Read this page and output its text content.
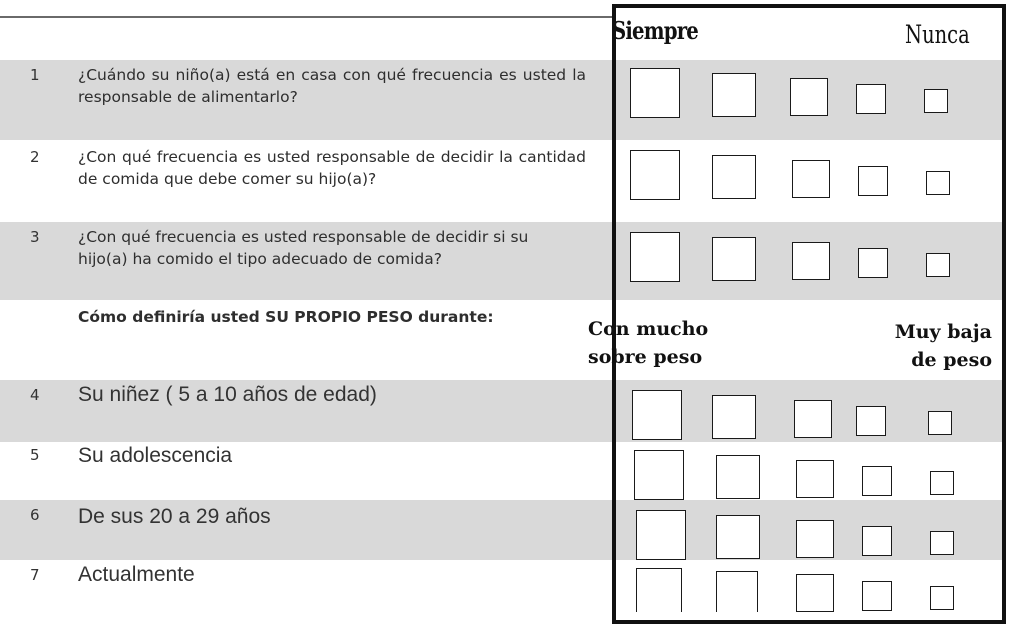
1 ¿Cuándo su niño(a) está en casa con qué frecuencia es usted la responsable de alimentarlo?
2 ¿Con qué frecuencia es usted responsable de decidir la cantidad de comida que debe comer su hijo(a)?
3 ¿Con qué frecuencia es usted responsable de decidir si su hijo(a) ha comido el tipo adecuado de comida?
Cómo definiría usted SU PROPIO PESO durante:
4 Su niñez ( 5 a 10 años de edad)
5 Su adolescencia
6 De sus 20 a 29 años
7 Actualmente
Siempre	Nunca
Con mucho sobre peso
Muy baja de peso
